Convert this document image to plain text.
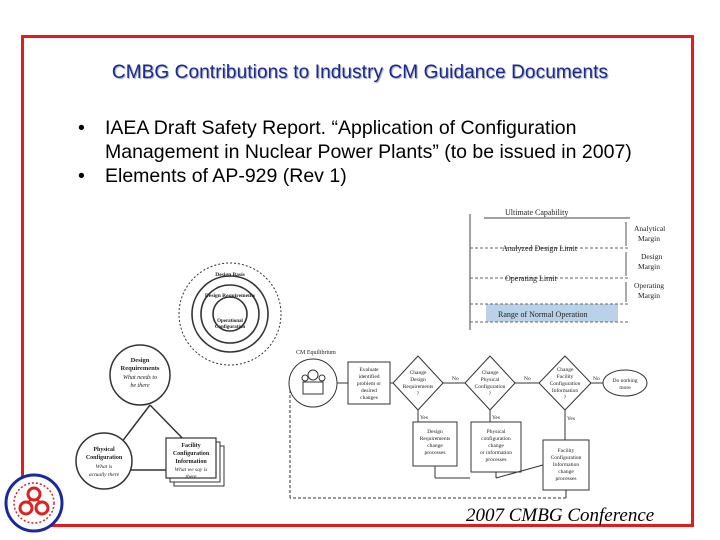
CMBG Contributions to Industry CM Guidance Documents
• IAEA Draft Safety Report. “Application of Configuration Management in Nuclear Power Plants” (to be issued in 2007)
• Elements of AP-929 (Rev 1)
Ultimate Capability
Analyzed Design Limit
Operating Limit
Range of Normal Operation
Analytical
Margin
Design
Margin
Operating
Margin
Design Basis
Design Requirements
Operational
Configuration
Design
Requirements
What needs to
be there
Physical
Configuration
What is
actually there
Facility
Configuration
Information
What we say is
there
CM Equilibrium
Evaluate
identified
problem or
desired
changes
Change
Design
Requirements
?
Change
Physical
Configuration
?
Change
Facility
Configuration
Information
?
Do nothing
more
No	No	No
Yes	Yes	Yes
Design
Requirements
change
processes
Physical
configuration
change
or information
processes
Facility
Configuration
Information
change
processes
2007 CMBG Conference
